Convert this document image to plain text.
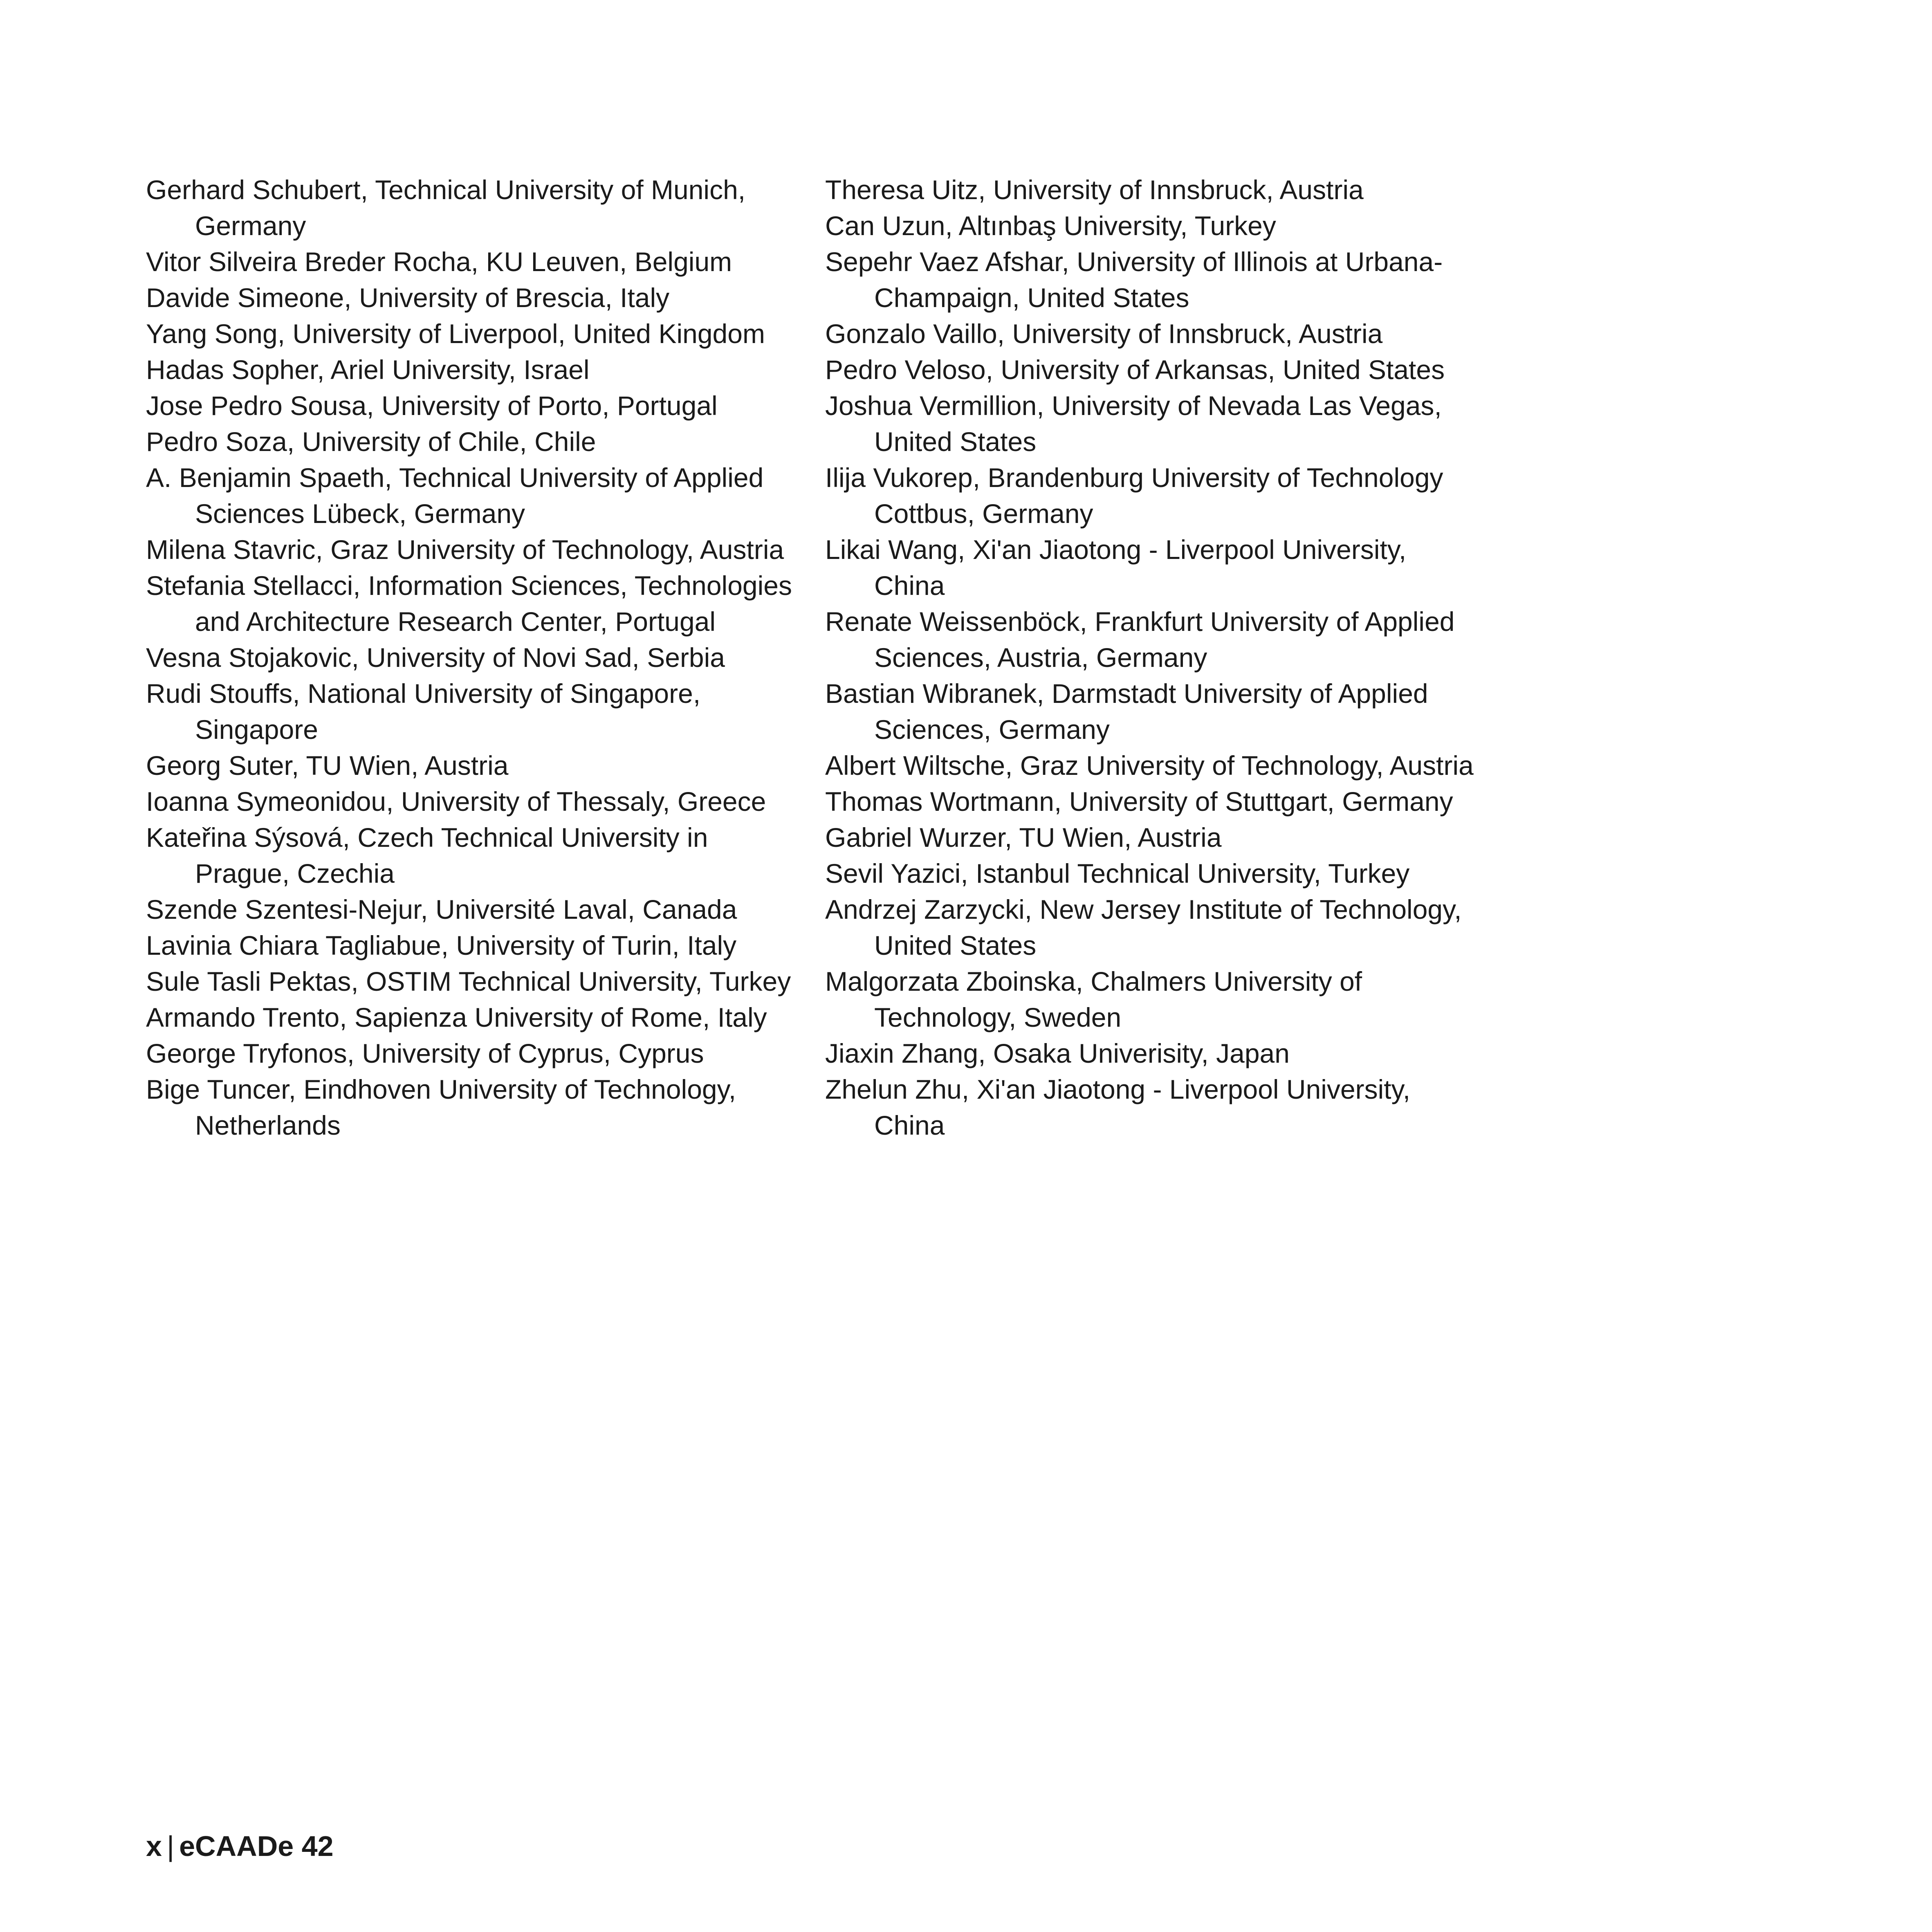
Gerhard Schubert, Technical University of Munich, Germany
Vitor Silveira Breder Rocha, KU Leuven, Belgium
Davide Simeone, University of Brescia, Italy
Yang Song, University of Liverpool, United Kingdom
Hadas Sopher, Ariel University, Israel
Jose Pedro Sousa, University of Porto, Portugal
Pedro Soza, University of Chile, Chile
A. Benjamin Spaeth, Technical University of Applied Sciences Lübeck, Germany
Milena Stavric, Graz University of Technology, Austria
Stefania Stellacci, Information Sciences, Technologies and Architecture Research Center, Portugal
Vesna Stojakovic, University of Novi Sad, Serbia
Rudi Stouffs, National University of Singapore, Singapore
Georg Suter, TU Wien, Austria
Ioanna Symeonidou, University of Thessaly, Greece
Kateřina Sýsová, Czech Technical University in Prague, Czechia
Szende Szentesi-Nejur, Université Laval, Canada
Lavinia Chiara Tagliabue, University of Turin, Italy
Sule Tasli Pektas, OSTIM Technical University, Turkey
Armando Trento, Sapienza University of Rome, Italy
George Tryfonos, University of Cyprus, Cyprus
Bige Tuncer, Eindhoven University of Technology, Netherlands
Theresa Uitz, University of Innsbruck, Austria
Can Uzun, Altınbaş University, Turkey
Sepehr Vaez Afshar, University of Illinois at Urbana-Champaign, United States
Gonzalo Vaillo, University of Innsbruck, Austria
Pedro Veloso, University of Arkansas, United States
Joshua Vermillion, University of Nevada Las Vegas, United States
Ilija Vukorep, Brandenburg University of Technology Cottbus, Germany
Likai Wang, Xi'an Jiaotong - Liverpool University, China
Renate Weissenböck, Frankfurt University of Applied Sciences, Austria, Germany
Bastian Wibranek, Darmstadt University of Applied Sciences, Germany
Albert Wiltsche, Graz University of Technology, Austria
Thomas Wortmann, University of Stuttgart, Germany
Gabriel Wurzer, TU Wien, Austria
Sevil Yazici, Istanbul Technical University, Turkey
Andrzej Zarzycki, New Jersey Institute of Technology, United States
Malgorzata Zboinska, Chalmers University of Technology, Sweden
Jiaxin Zhang, Osaka Univerisity, Japan
Zhelun Zhu, Xi'an Jiaotong - Liverpool University, China
x | eCAADe 42
